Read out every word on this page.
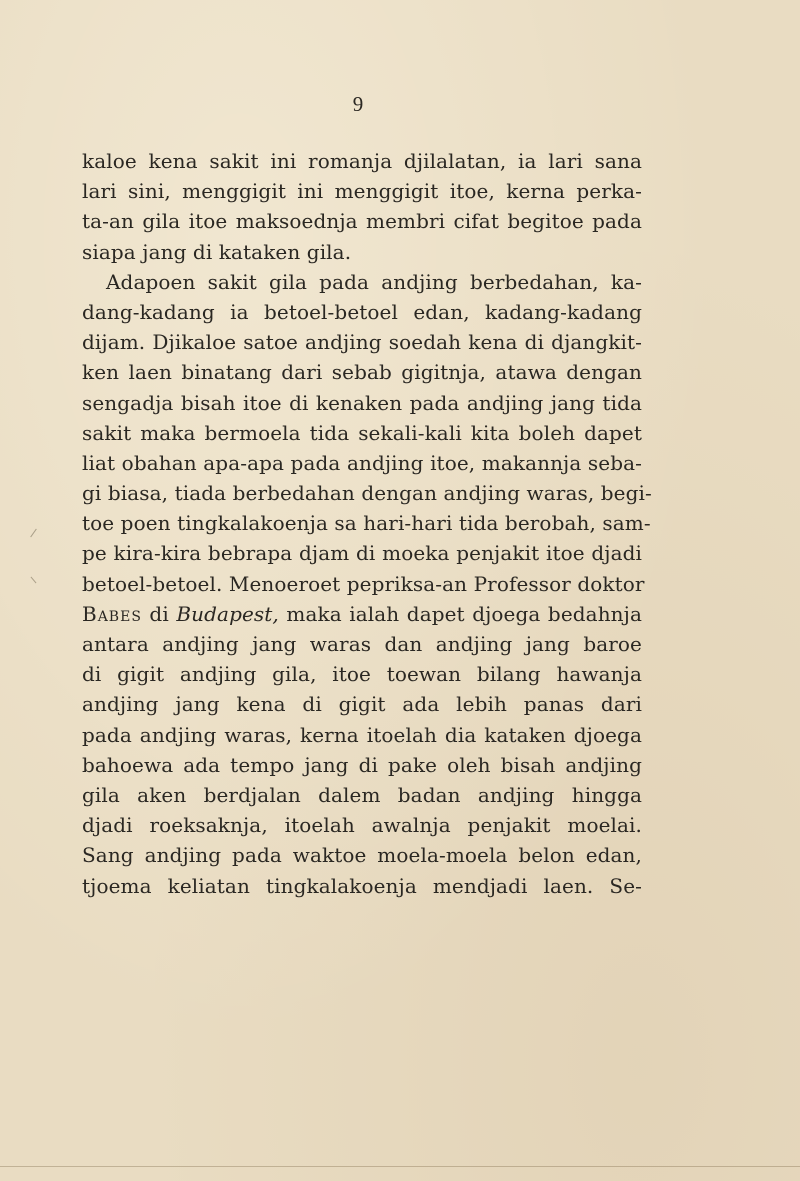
9
kaloe kena sakit ini romanja djilalatan, ia lari sana
lari sini, menggigit ini menggigit itoe, kerna perka-
ta-an gila itoe maksoednja membri cifat begitoe pada
siapa jang di kataken gila.
Adapoen sakit gila pada andjing berbedahan, ka-
dang-kadang ia betoel-betoel edan, kadang-kadang
dijam. Djikaloe satoe andjing soedah kena di djangkit-
ken laen binatang dari sebab gigitnja, atawa dengan
sengadja bisah itoe di kenaken pada andjing jang tida
sakit maka bermoela tida sekali-kali kita boleh dapet
liat obahan apa-apa pada andjing itoe, makannja seba-
gi biasa, tiada berbedahan dengan andjing waras, begi-
toe poen tingkalakoenja sa hari-hari tida berobah, sam-
pe kira-kira bebrapa djam di moeka penjakit itoe djadi
betoel-betoel. Menoeroet pepriksa-an Professor doktor
Babes di Budapest, maka ialah dapet djoega bedahnja
antara andjing jang waras dan andjing jang baroe
di gigit andjing gila, itoe toewan bilang hawanja
andjing jang kena di gigit ada lebih panas dari
pada andjing waras, kerna itoelah dia kataken djoega
bahoewa ada tempo jang di pake oleh bisah andjing
gila aken berdjalan dalem badan andjing hingga
djadi roeksaknja, itoelah awalnja penjakit moelai.
Sang andjing pada waktoe moela-moela belon edan,
tjoema keliatan tingkalakoenja mendjadi laen. Se-
